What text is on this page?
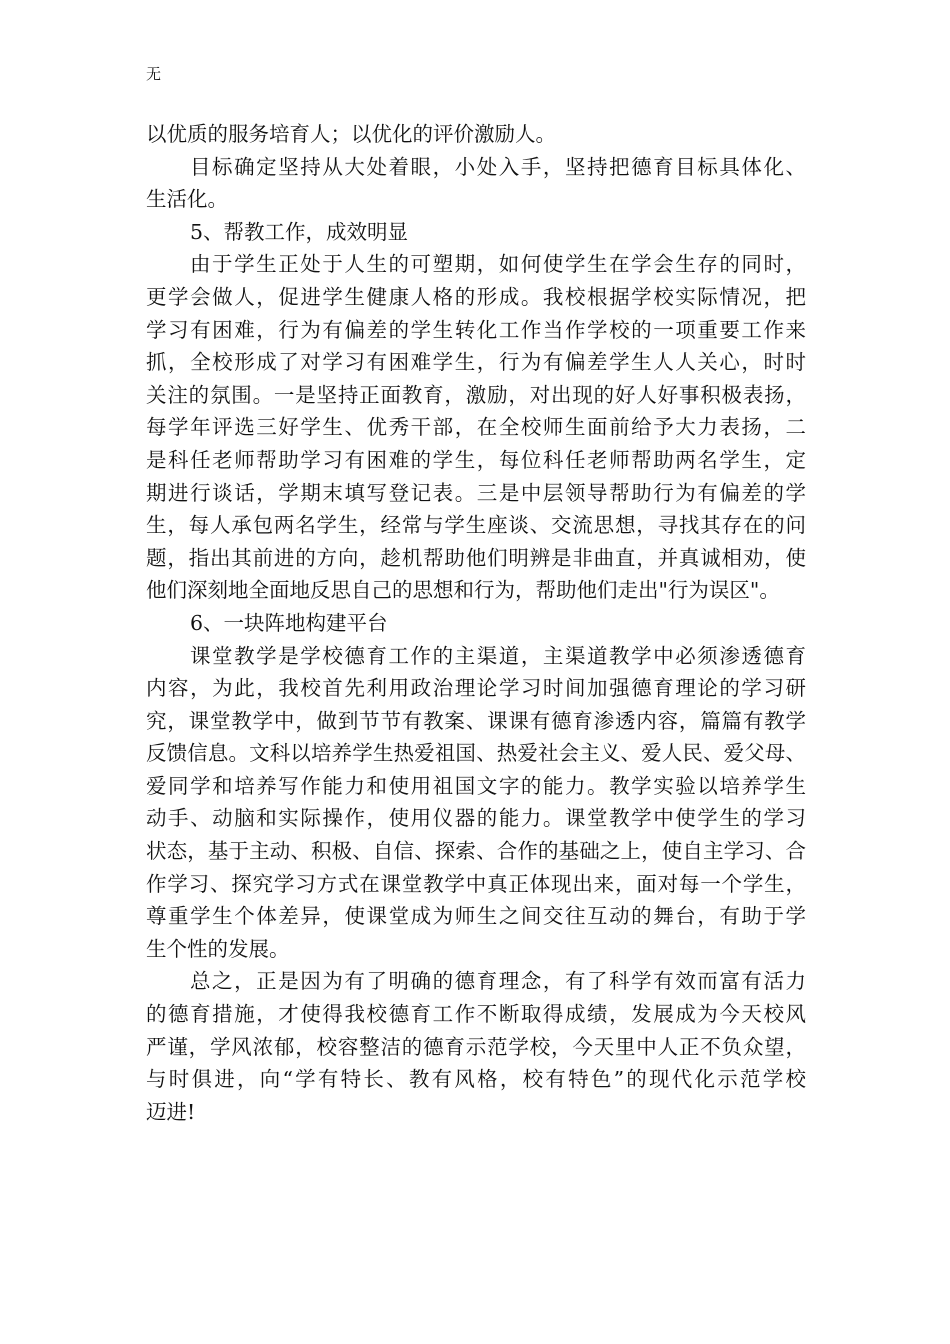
无
以优质的服务培育人；以优化的评价激励人。
目标确定坚持从大处着眼，小处入手，坚持把德育目标具体化、
生活化。
5、帮教工作，成效明显
由于学生正处于人生的可塑期，如何使学生在学会生存的同时，
更学会做人，促进学生健康人格的形成。我校根据学校实际情况，把
学习有困难，行为有偏差的学生转化工作当作学校的一项重要工作来
抓，全校形成了对学习有困难学生，行为有偏差学生人人关心，时时
关注的氛围。一是坚持正面教育，激励，对出现的好人好事积极表扬，
每学年评选三好学生、优秀干部，在全校师生面前给予大力表扬，二
是科任老师帮助学习有困难的学生，每位科任老师帮助两名学生，定
期进行谈话，学期末填写登记表。三是中层领导帮助行为有偏差的学
生，每人承包两名学生，经常与学生座谈、交流思想，寻找其存在的问
题，指出其前进的方向，趁机帮助他们明辨是非曲直，并真诚相劝，使
他们深刻地全面地反思自己的思想和行为，帮助他们走出"行为误区"。
6、一块阵地构建平台
课堂教学是学校德育工作的主渠道，主渠道教学中必须渗透德育
内容，为此，我校首先利用政治理论学习时间加强德育理论的学习研
究，课堂教学中，做到节节有教案、课课有德育渗透内容，篇篇有教学
反馈信息。文科以培养学生热爱祖国、热爱社会主义、爱人民、爱父母、
爱同学和培养写作能力和使用祖国文字的能力。教学实验以培养学生
动手、动脑和实际操作，使用仪器的能力。课堂教学中使学生的学习
状态，基于主动、积极、自信、探索、合作的基础之上，使自主学习、合
作学习、探究学习方式在课堂教学中真正体现出来，面对每一个学生，
尊重学生个体差异，使课堂成为师生之间交往互动的舞台，有助于学
生个性的发展。
总之，正是因为有了明确的德育理念，有了科学有效而富有活力
的德育措施，才使得我校德育工作不断取得成绩，发展成为今天校风
严谨，学风浓郁，校容整洁的德育示范学校，今天里中人正不负众望，
与时俱进，向“学有特长、教有风格，校有特色”的现代化示范学校
迈进!
